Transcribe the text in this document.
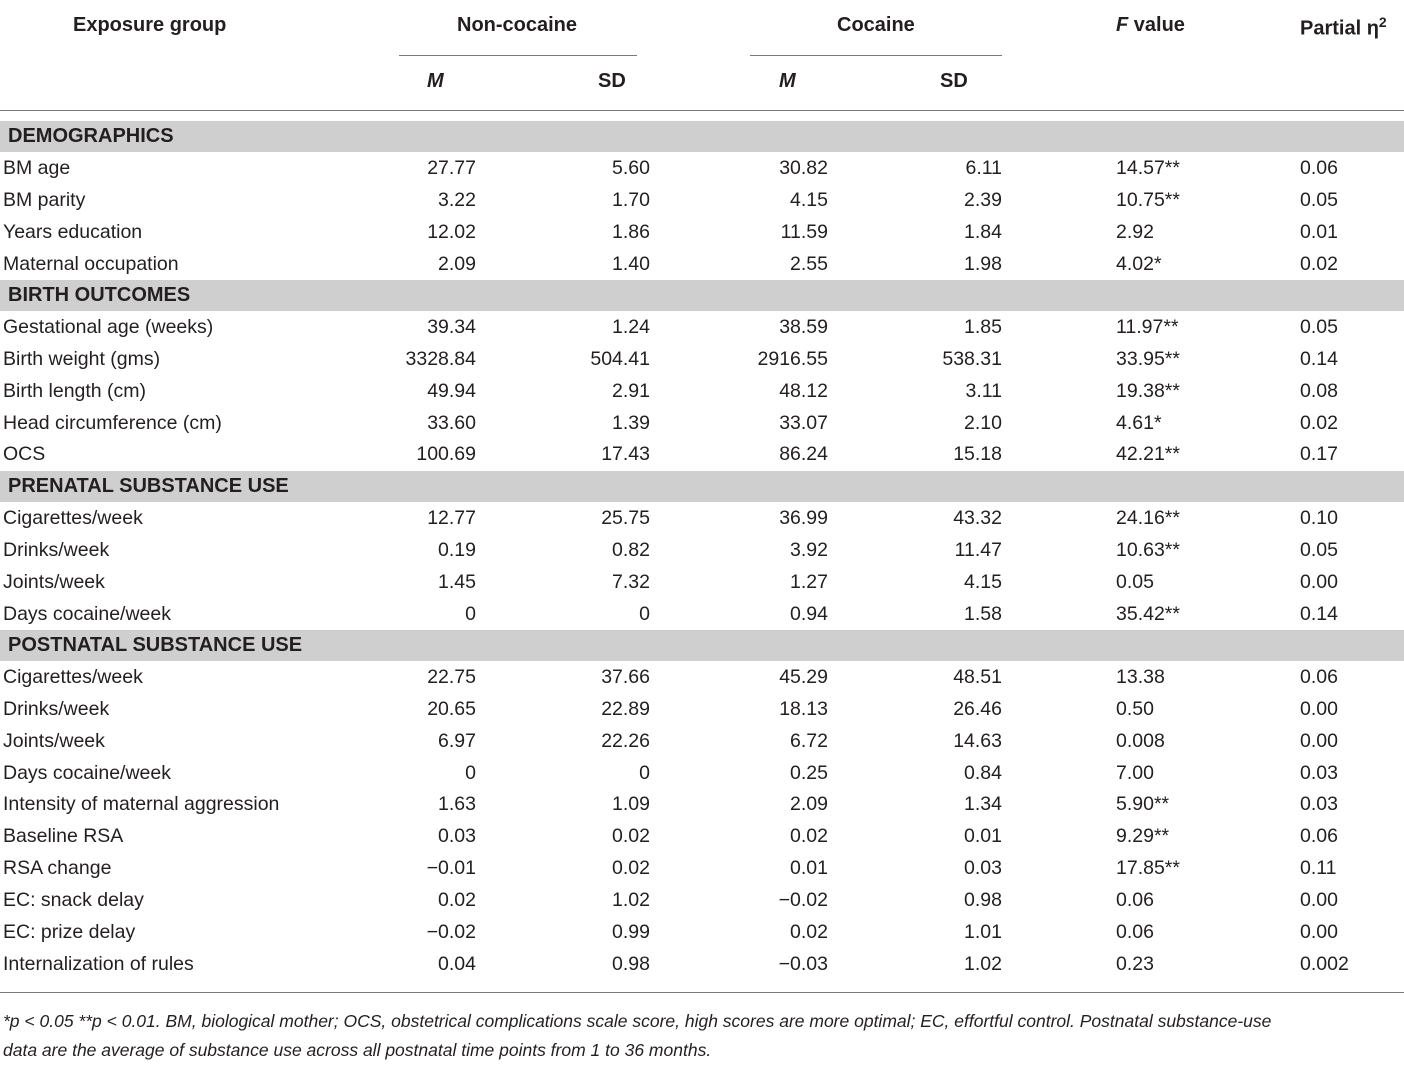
Exposure group	Non-cocaine	Cocaine	F value	Partial $\eta^2$
M	SD	M	SD
DEMOGRAPHICS
BM age	27.77	5.60	30.82	6.11	14.57**	0.06
BM parity	3.22	1.70	4.15	2.39	10.75**	0.05
Years education	12.02	1.86	11.59	1.84	2.92	0.01
Maternal occupation	2.09	1.40	2.55	1.98	4.02*	0.02
BIRTH OUTCOMES
Gestational age (weeks)	39.34	1.24	38.59	1.85	11.97**	0.05
Birth weight (gms)	3328.84	504.41	2916.55	538.31	33.95**	0.14
Birth length (cm)	49.94	2.91	48.12	3.11	19.38**	0.08
Head circumference (cm)	33.60	1.39	33.07	2.10	4.61*	0.02
OCS	100.69	17.43	86.24	15.18	42.21**	0.17
PRENATAL SUBSTANCE USE
Cigarettes/week	12.77	25.75	36.99	43.32	24.16**	0.10
Drinks/week	0.19	0.82	3.92	11.47	10.63**	0.05
Joints/week	1.45	7.32	1.27	4.15	0.05	0.00
Days cocaine/week	0	0	0.94	1.58	35.42**	0.14
POSTNATAL SUBSTANCE USE
Cigarettes/week	22.75	37.66	45.29	48.51	13.38	0.06
Drinks/week	20.65	22.89	18.13	26.46	0.50	0.00
Joints/week	6.97	22.26	6.72	14.63	0.008	0.00
Days cocaine/week	0	0	0.25	0.84	7.00	0.03
Intensity of maternal aggression	1.63	1.09	2.09	1.34	5.90**	0.03
Baseline RSA	0.03	0.02	0.02	0.01	9.29**	0.06
RSA change	−0.01	0.02	0.01	0.03	17.85**	0.11
EC: snack delay	0.02	1.02	−0.02	0.98	0.06	0.00
EC: prize delay	−0.02	0.99	0.02	1.01	0.06	0.00
Internalization of rules	0.04	0.98	−0.03	1.02	0.23	0.002
*p < 0.05 **p < 0.01. BM, biological mother; OCS, obstetrical complications scale score, high scores are more optimal; EC, effortful control. Postnatal substance-use
data are the average of substance use across all postnatal time points from 1 to 36 months.
